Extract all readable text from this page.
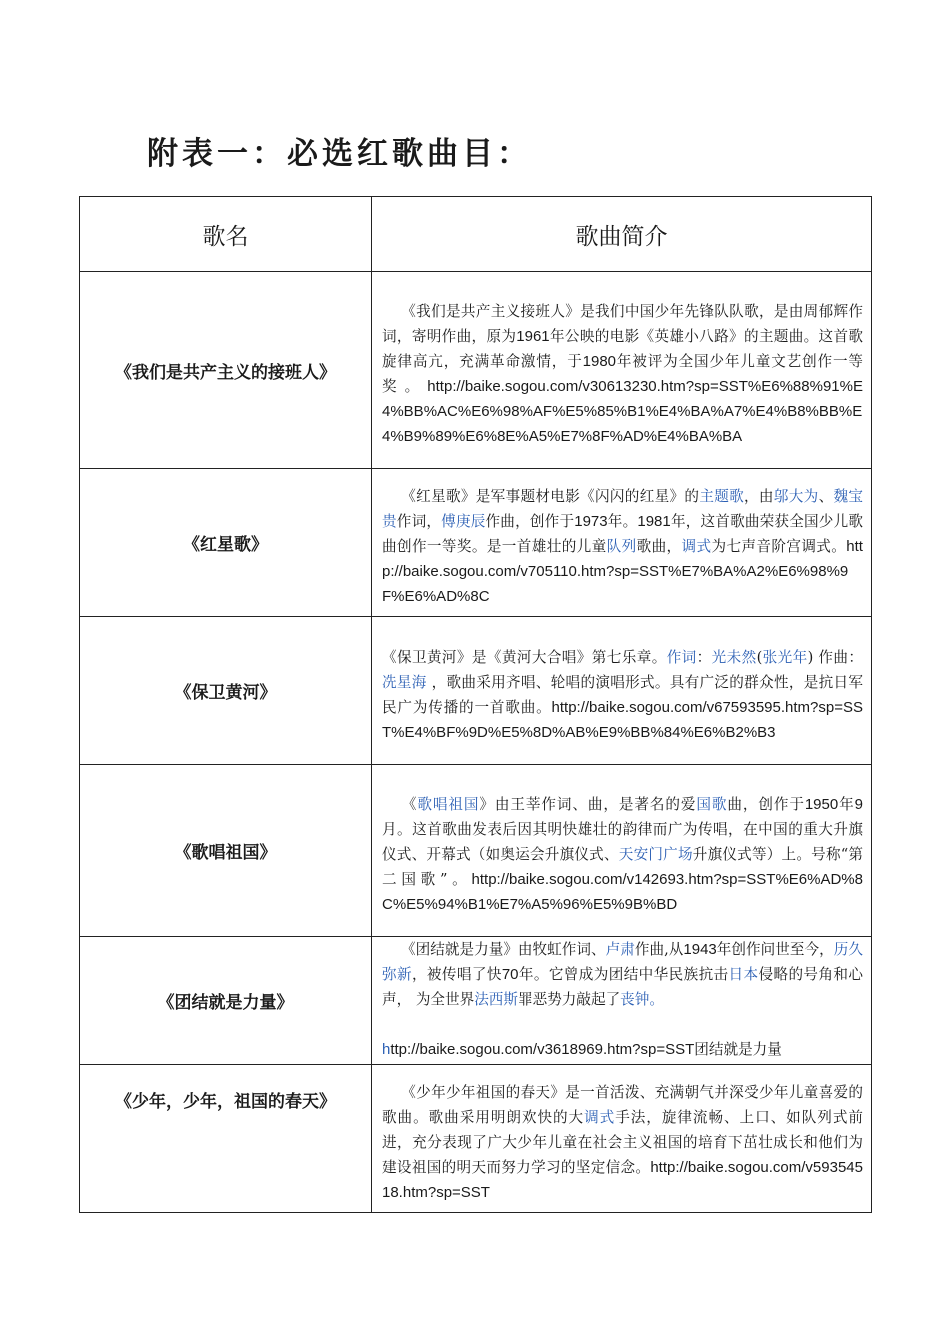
附表一：必选红歌曲目：
歌名	歌曲简介
《我们是共产主义的接班人》	《我们是共产主义接班人》是我们中国少年先锋队队歌，是由周郁辉作词，寄明作曲，原为1961年公映的电影《英雄小八路》的主题曲。这首歌旋律高亢，充满革命激情，于1980年被评为全国少年儿童文艺创作一等奖。http://baike.sogou.com/v30613230.htm?sp=SST%E6%88%91%E4%BB%AC%E6%98%AF%E5%85%B1%E4%BA%A7%E4%B8%BB%E4%B9%89%E6%8E%A5%E7%8F%AD%E4%BA%BA
《红星歌》	《红星歌》是军事题材电影《闪闪的红星》的主题歌，由邬大为、魏宝贵作词，傅庚辰作曲，创作于1973年。1981年，这首歌曲荣获全国少儿歌曲创作一等奖。是一首雄壮的儿童队列歌曲，调式为七声音阶宫调式。http://baike.sogou.com/v705110.htm?sp=SST%E7%BA%A2%E6%98%9F%E6%AD%8C
《保卫黄河》	《保卫黄河》是《黄河大合唱》第七乐章。作词：光未然(张光年) 作曲：冼星海 ，歌曲采用齐唱、轮唱的演唱形式。具有广泛的群众性，是抗日军民广为传播的一首歌曲。http://baike.sogou.com/v67593595.htm?sp=SST%E4%BF%9D%E5%8D%AB%E9%BB%84%E6%B2%B3
《歌唱祖国》	《歌唱祖国》由王莘作词、曲，是著名的爱国歌曲，创作于1950年9月。这首歌曲发表后因其明快雄壮的韵律而广为传唱，在中国的重大升旗仪式、开幕式（如奥运会升旗仪式、天安门广场升旗仪式等）上。号称“第二国歌”。http://baike.sogou.com/v142693.htm?sp=SST%E6%AD%8C%E5%94%B1%E7%A5%96%E5%9B%BD
《团结就是力量》	《团结就是力量》由牧虹作词、卢肃作曲,从1943年创作问世至今，历久弥新，被传唱了快70年。它曾成为团结中华民族抗击日本侵略的号角和心声， 为全世界法西斯罪恶势力敲起了丧钟。

http://baike.sogou.com/v3618969.htm?sp=SST团结就是力量
《少年，少年，祖国的春天》	《少年少年祖国的春天》是一首活泼、充满朝气并深受少年儿童喜爱的歌曲。歌曲采用明朗欢快的大调式手法，旋律流畅、上口、如队列式前进，充分表现了广大少年儿童在社会主义祖国的培育下茁壮成长和他们为建设祖国的明天而努力学习的坚定信念。http://baike.sogou.com/v59354518.htm?sp=SST
